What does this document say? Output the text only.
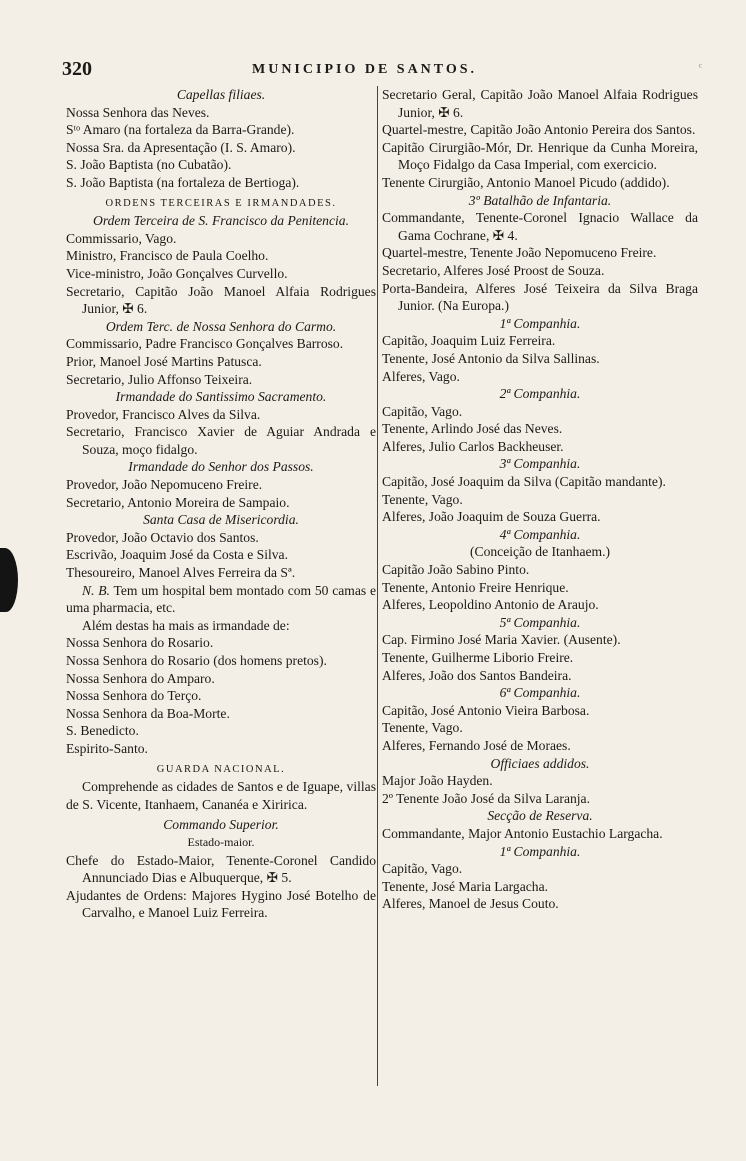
320	MUNICIPIO DE SANTOS.	ᶜ
Capellas filiaes.
Nossa Senhora das Neves.
Sᵗᵒ Amaro (na fortaleza da Barra-Grande).
Nossa Sra. da Apresentação (I. S. Amaro).
S. João Baptista (no Cubatão).
S. João Baptista (na fortaleza de Bertioga).
ORDENS TERCEIRAS E IRMANDADES.
Ordem Terceira de S. Francisco da Penitencia.
Commissario, Vago.
Ministro, Francisco de Paula Coelho.
Vice-ministro, João Gonçalves Curvello.
Secretario, Capitão João Manoel Alfaia Rodrigues Junior, ✠ 6.
Ordem Terc. de Nossa Senhora do Carmo.
Commissario, Padre Francisco Gonçalves Barroso.
Prior, Manoel José Martins Patusca.
Secretario, Julio Affonso Teixeira.
Irmandade do Santissimo Sacramento.
Provedor, Francisco Alves da Silva.
Secretario, Francisco Xavier de Aguiar Andrada e Souza, moço fidalgo.
Irmandade do Senhor dos Passos.
Provedor, João Nepomuceno Freire.
Secretario, Antonio Moreira de Sampaio.
Santa Casa de Misericordia.
Provedor, João Octavio dos Santos.
Escrivão, Joaquim José da Costa e Silva.
Thesoureiro, Manoel Alves Ferreira da Sª.
N. B. Tem um hospital bem montado com 50 camas e uma pharmacia, etc.
Além destas ha mais as irmandade de:
Nossa Senhora do Rosario.
Nossa Senhora do Rosario (dos homens pretos).
Nossa Senhora do Amparo.
Nossa Senhora do Terço.
Nossa Senhora da Boa-Morte.
S. Benedicto.
Espirito-Santo.
GUARDA NACIONAL.
Comprehende as cidades de Santos e de Iguape, villas de S. Vicente, Itanhaem, Cananéa e Xiririca.
Commando Superior.
Estado-maior.
Chefe do Estado-Maior, Tenente-Coronel Candido Annunciado Dias e Albuquerque, ✠ 5.
Ajudantes de Ordens: Majores Hygino José Botelho de Carvalho, e Manoel Luiz Ferreira.
Secretario Geral, Capitão João Manoel Alfaia Rodrigues Junior, ✠ 6.
Quartel-mestre, Capitão João Antonio Pereira dos Santos.
Capitão Cirurgião-Mór, Dr. Henrique da Cunha Moreira, Moço Fidalgo da Casa Imperial, com exercicio.
Tenente Cirurgião, Antonio Manoel Picudo (addido).
3º Batalhão de Infantaria.
Commandante, Tenente-Coronel Ignacio Wallace da Gama Cochrane, ✠ 4.
Quartel-mestre, Tenente João Nepomuceno Freire.
Secretario, Alferes José Proost de Souza.
Porta-Bandeira, Alferes José Teixeira da Silva Braga Junior. (Na Europa.)
1ª Companhia.
Capitão, Joaquim Luiz Ferreira.
Tenente, José Antonio da Silva Sallinas.
Alferes, Vago.
2ª Companhia.
Capitão, Vago.
Tenente, Arlindo José das Neves.
Alferes, Julio Carlos Backheuser.
3ª Companhia.
Capitão, José Joaquim da Silva (Capitão mandante).
Tenente, Vago.
Alferes, João Joaquim de Souza Guerra.
4ª Companhia.
(Conceição de Itanhaem.)
Capitão João Sabino Pinto.
Tenente, Antonio Freire Henrique.
Alferes, Leopoldino Antonio de Araujo.
5ª Companhia.
Cap. Firmino José Maria Xavier. (Ausente).
Tenente, Guilherme Liborio Freire.
Alferes, João dos Santos Bandeira.
6ª Companhia.
Capitão, José Antonio Vieira Barbosa.
Tenente, Vago.
Alferes, Fernando José de Moraes.
Officiaes addidos.
Major João Hayden.
2º Tenente João José da Silva Laranja.
Secção de Reserva.
Commandante, Major Antonio Eustachio Largacha.
1ª Companhia.
Capitão, Vago.
Tenente, José Maria Largacha.
Alferes, Manoel de Jesus Couto.
